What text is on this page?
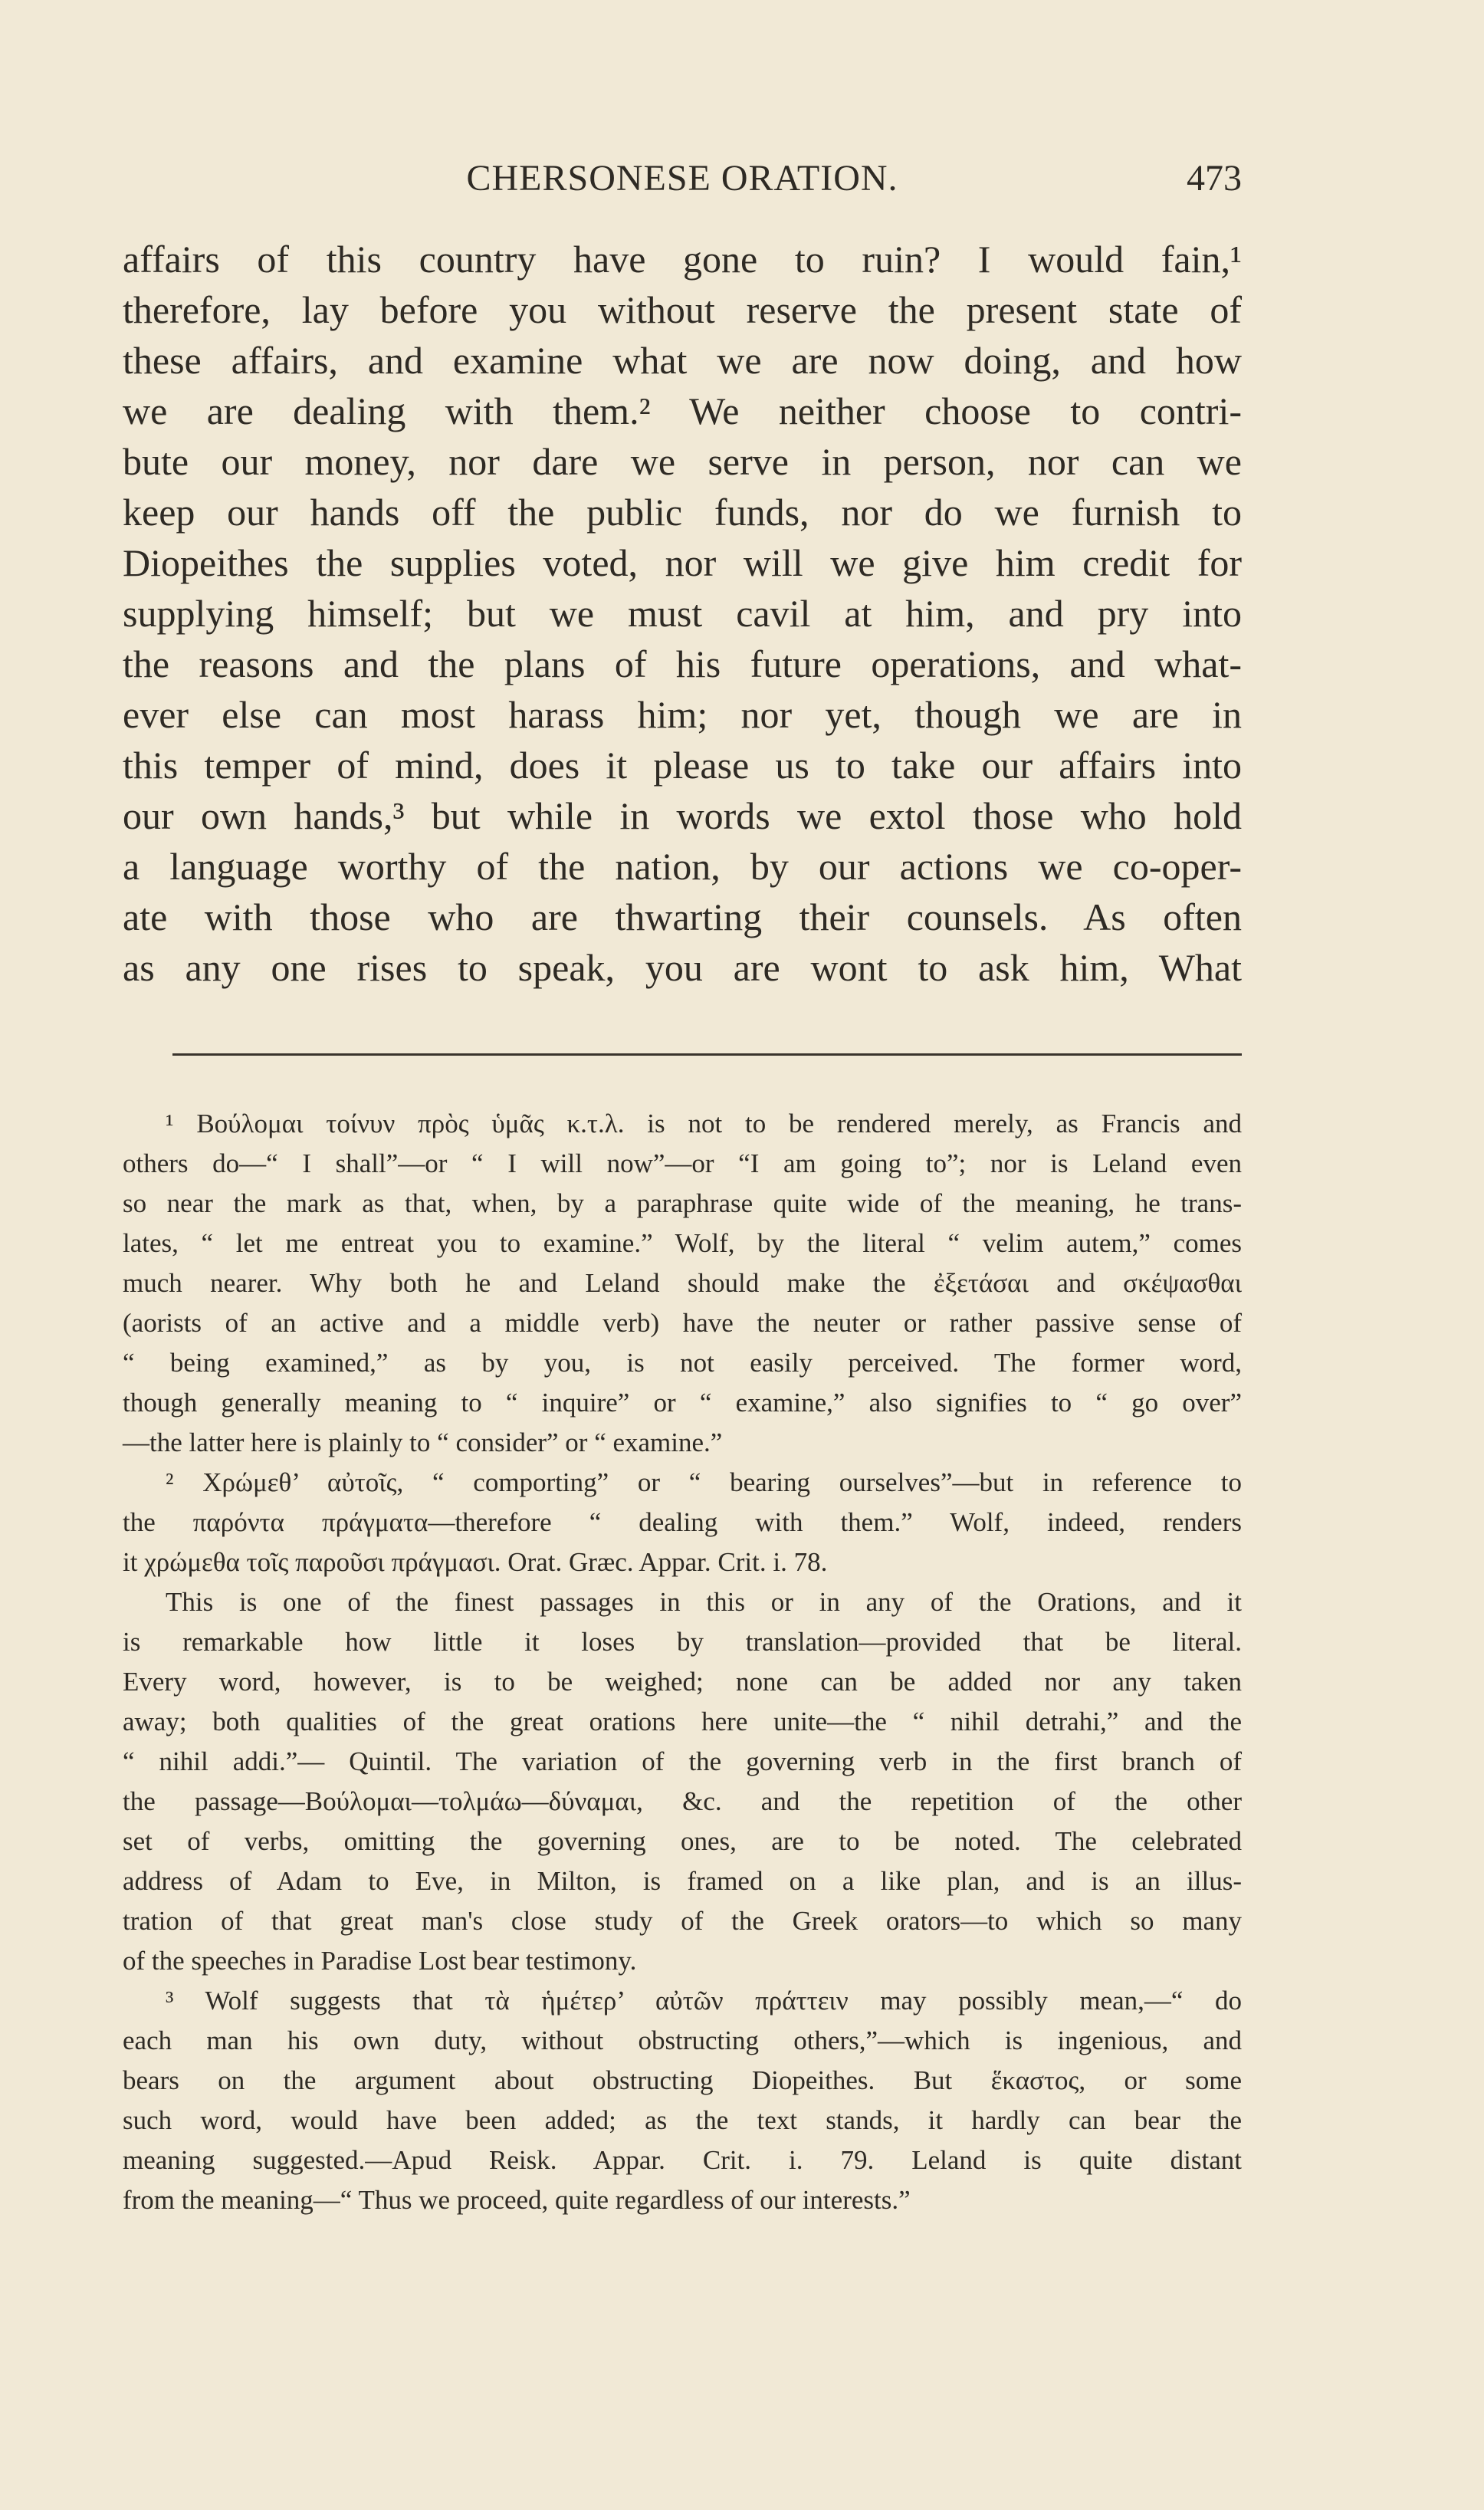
CHERSONESE ORATION.	473
affairs of this country have gone to ruin? I would fain,¹
therefore, lay before you without reserve the present state of
these affairs, and examine what we are now doing, and how
we are dealing with them.² We neither choose to contri-
bute our money, nor dare we serve in person, nor can we
keep our hands off the public funds, nor do we furnish to
Diopeithes the supplies voted, nor will we give him credit for
supplying himself; but we must cavil at him, and pry into
the reasons and the plans of his future operations, and what-
ever else can most harass him; nor yet, though we are in
this temper of mind, does it please us to take our affairs into
our own hands,³ but while in words we extol those who hold
a language worthy of the nation, by our actions we co-oper-
ate with those who are thwarting their counsels. As often
as any one rises to speak, you are wont to ask him, What
¹ Βούλομαι τοίνυν πρὸς ὑμᾶς κ.τ.λ. is not to be rendered merely, as Francis and
others do—“ I shall”—or “ I will now”—or “I am going to”; nor is Leland even
so near the mark as that, when, by a paraphrase quite wide of the meaning, he trans-
lates, “ let me entreat you to examine.” Wolf, by the literal “ velim autem,” comes
much nearer. Why both he and Leland should make the ἐξετάσαι and σκέψασθαι
(aorists of an active and a middle verb) have the neuter or rather passive sense of
“ being examined,” as by you, is not easily perceived. The former word,
though generally meaning to “ inquire” or “ examine,” also signifies to “ go over”
—the latter here is plainly to “ consider” or “ examine.”
² Χρώμεθ’ αὐτοῖς, “ comporting” or “ bearing ourselves”—but in reference to
the παρόντα πράγματα—therefore “ dealing with them.” Wolf, indeed, renders
it χρώμεθα τοῖς παροῦσι πράγμασι. Orat. Græc. Appar. Crit. i. 78.
This is one of the finest passages in this or in any of the Orations, and it
is remarkable how little it loses by translation—provided that be literal.
Every word, however, is to be weighed; none can be added nor any taken
away; both qualities of the great orations here unite—the “ nihil detrahi,” and the
“ nihil addi.”— Quintil. The variation of the governing verb in the first branch of
the passage—Βούλομαι—τολμάω—δύναμαι, &c. and the repetition of the other
set of verbs, omitting the governing ones, are to be noted. The celebrated
address of Adam to Eve, in Milton, is framed on a like plan, and is an illus-
tration of that great man's close study of the Greek orators—to which so many
of the speeches in Paradise Lost bear testimony.
³ Wolf suggests that τὰ ἡμέτερ’ αὐτῶν πράττειν may possibly mean,—“ do
each man his own duty, without obstructing others,”—which is ingenious, and
bears on the argument about obstructing Diopeithes. But ἕκαστος, or some
such word, would have been added; as the text stands, it hardly can bear the
meaning suggested.—Apud Reisk. Appar. Crit. i. 79. Leland is quite distant
from the meaning—“ Thus we proceed, quite regardless of our interests.”
